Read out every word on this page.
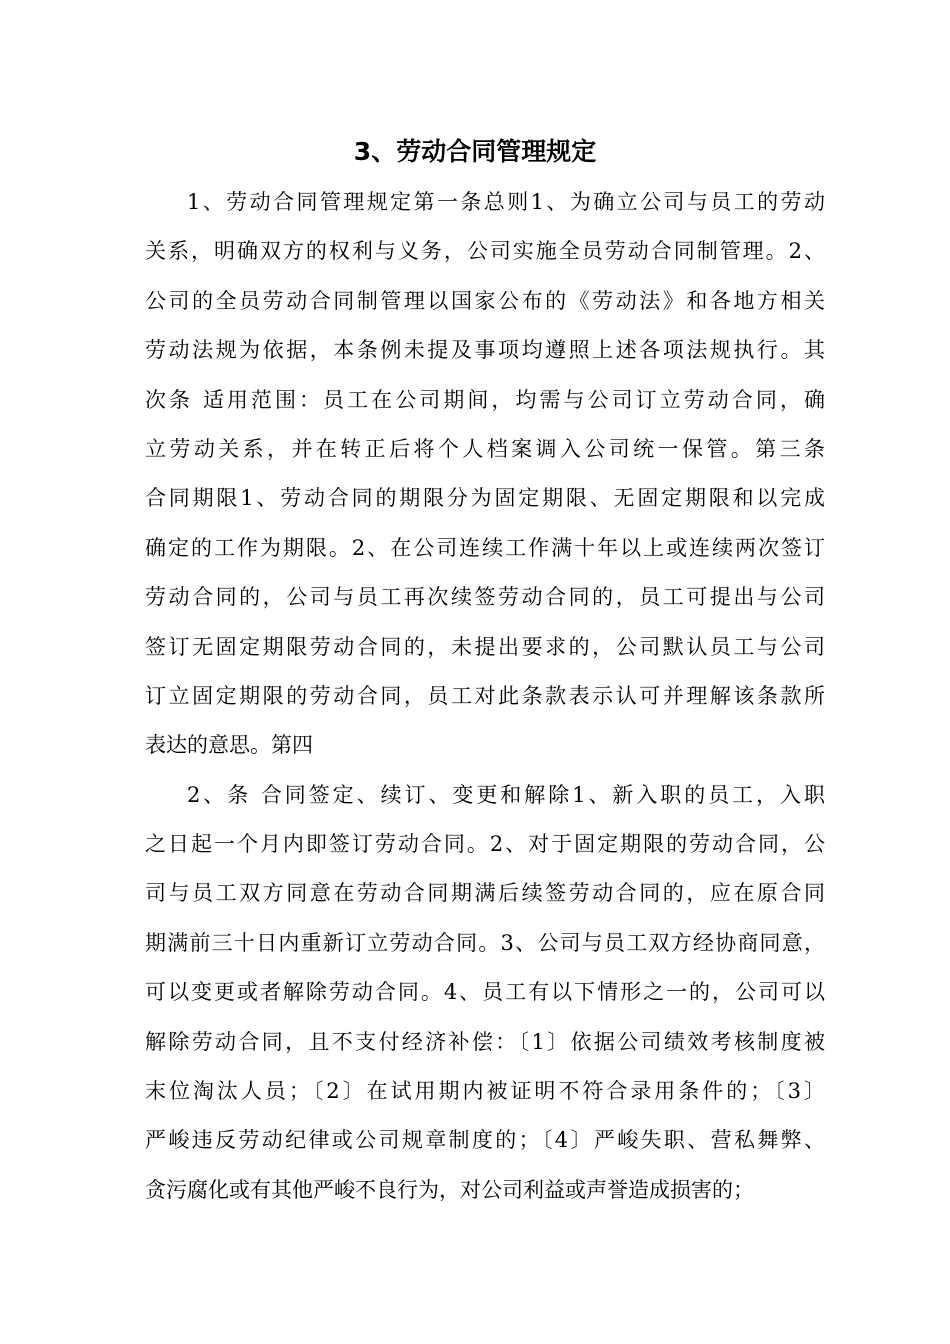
3、劳动合同管理规定
1、劳动合同管理规定第一条总则1、为确立公司与员工的劳动
关系，明确双方的权利与义务，公司实施全员劳动合同制管理。2、
公司的全员劳动合同制管理以国家公布的《劳动法》和各地方相关
劳动法规为依据，本条例未提及事项均遵照上述各项法规执行。其
次条 适用范围：员工在公司期间，均需与公司订立劳动合同，确
立劳动关系，并在转正后将个人档案调入公司统一保管。第三条
合同期限1、劳动合同的期限分为固定期限、无固定期限和以完成
确定的工作为期限。2、在公司连续工作满十年以上或连续两次签订
劳动合同的，公司与员工再次续签劳动合同的，员工可提出与公司
签订无固定期限劳动合同的，未提出要求的，公司默认员工与公司
订立固定期限的劳动合同，员工对此条款表示认可并理解该条款所
表达的意思。第四
2、条 合同签定、续订、变更和解除1、新入职的员工，入职
之日起一个月内即签订劳动合同。2、对于固定期限的劳动合同，公
司与员工双方同意在劳动合同期满后续签劳动合同的，应在原合同
期满前三十日内重新订立劳动合同。3、公司与员工双方经协商同意，
可以变更或者解除劳动合同。4、员工有以下情形之一的，公司可以
解除劳动合同，且不支付经济补偿：〔1〕依据公司绩效考核制度被
末位淘汰人员；〔2〕在试用期内被证明不符合录用条件的；〔3〕
严峻违反劳动纪律或公司规章制度的；〔4〕严峻失职、营私舞弊、
贪污腐化或有其他严峻不良行为，对公司利益或声誉造成损害的；
